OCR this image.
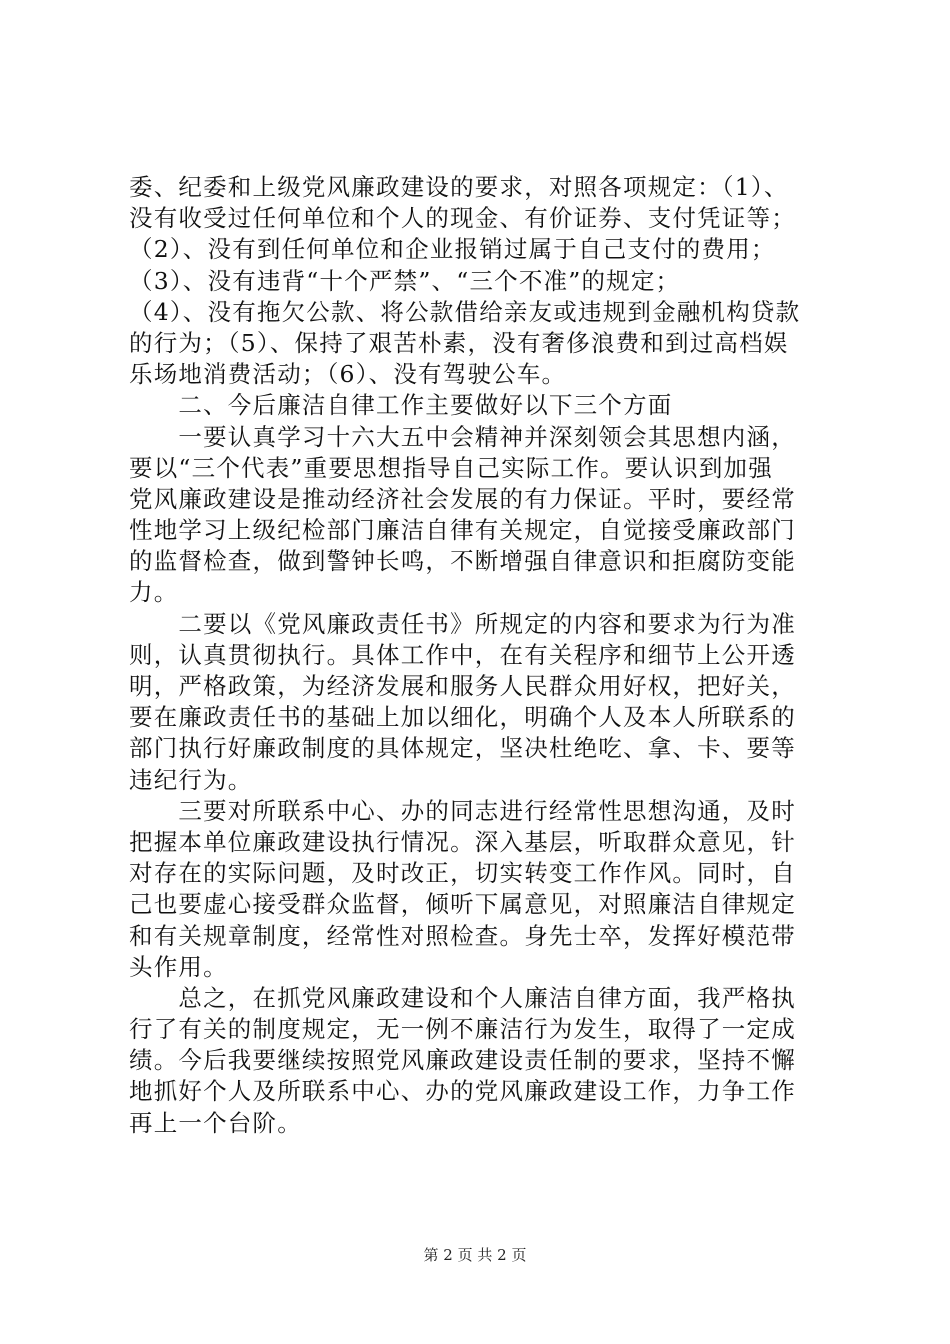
委、纪委和上级党风廉政建设的要求，对照各项规定：（1）、
没有收受过任何单位和个人的现金、有价证券、支付凭证等；
（2）、没有到任何单位和企业报销过属于自己支付的费用；
（3）、没有违背“十个严禁”、“三个不准”的规定；
（4）、没有拖欠公款、将公款借给亲友或违规到金融机构贷款
的行为；（5）、保持了艰苦朴素，没有奢侈浪费和到过高档娱
乐场地消费活动；（6）、没有驾驶公车。
　　二、今后廉洁自律工作主要做好以下三个方面
　　一要认真学习十六大五中会精神并深刻领会其思想内涵，
要以“三个代表”重要思想指导自己实际工作。要认识到加强
党风廉政建设是推动经济社会发展的有力保证。平时，要经常
性地学习上级纪检部门廉洁自律有关规定，自觉接受廉政部门
的监督检查，做到警钟长鸣，不断增强自律意识和拒腐防变能
力。
　　二要以《党风廉政责任书》所规定的内容和要求为行为准
则，认真贯彻执行。具体工作中，在有关程序和细节上公开透
明，严格政策，为经济发展和服务人民群众用好权，把好关，
要在廉政责任书的基础上加以细化，明确个人及本人所联系的
部门执行好廉政制度的具体规定，坚决杜绝吃、拿、卡、要等
违纪行为。
　　三要对所联系中心、办的同志进行经常性思想沟通，及时
把握本单位廉政建设执行情况。深入基层，听取群众意见，针
对存在的实际问题，及时改正，切实转变工作作风。同时，自
己也要虚心接受群众监督，倾听下属意见，对照廉洁自律规定
和有关规章制度，经常性对照检查。身先士卒，发挥好模范带
头作用。
　　总之，在抓党风廉政建设和个人廉洁自律方面，我严格执
行了有关的制度规定，无一例不廉洁行为发生，取得了一定成
绩。今后我要继续按照党风廉政建设责任制的要求，坚持不懈
地抓好个人及所联系中心、办的党风廉政建设工作，力争工作
再上一个台阶。
第 2 页 共 2 页
